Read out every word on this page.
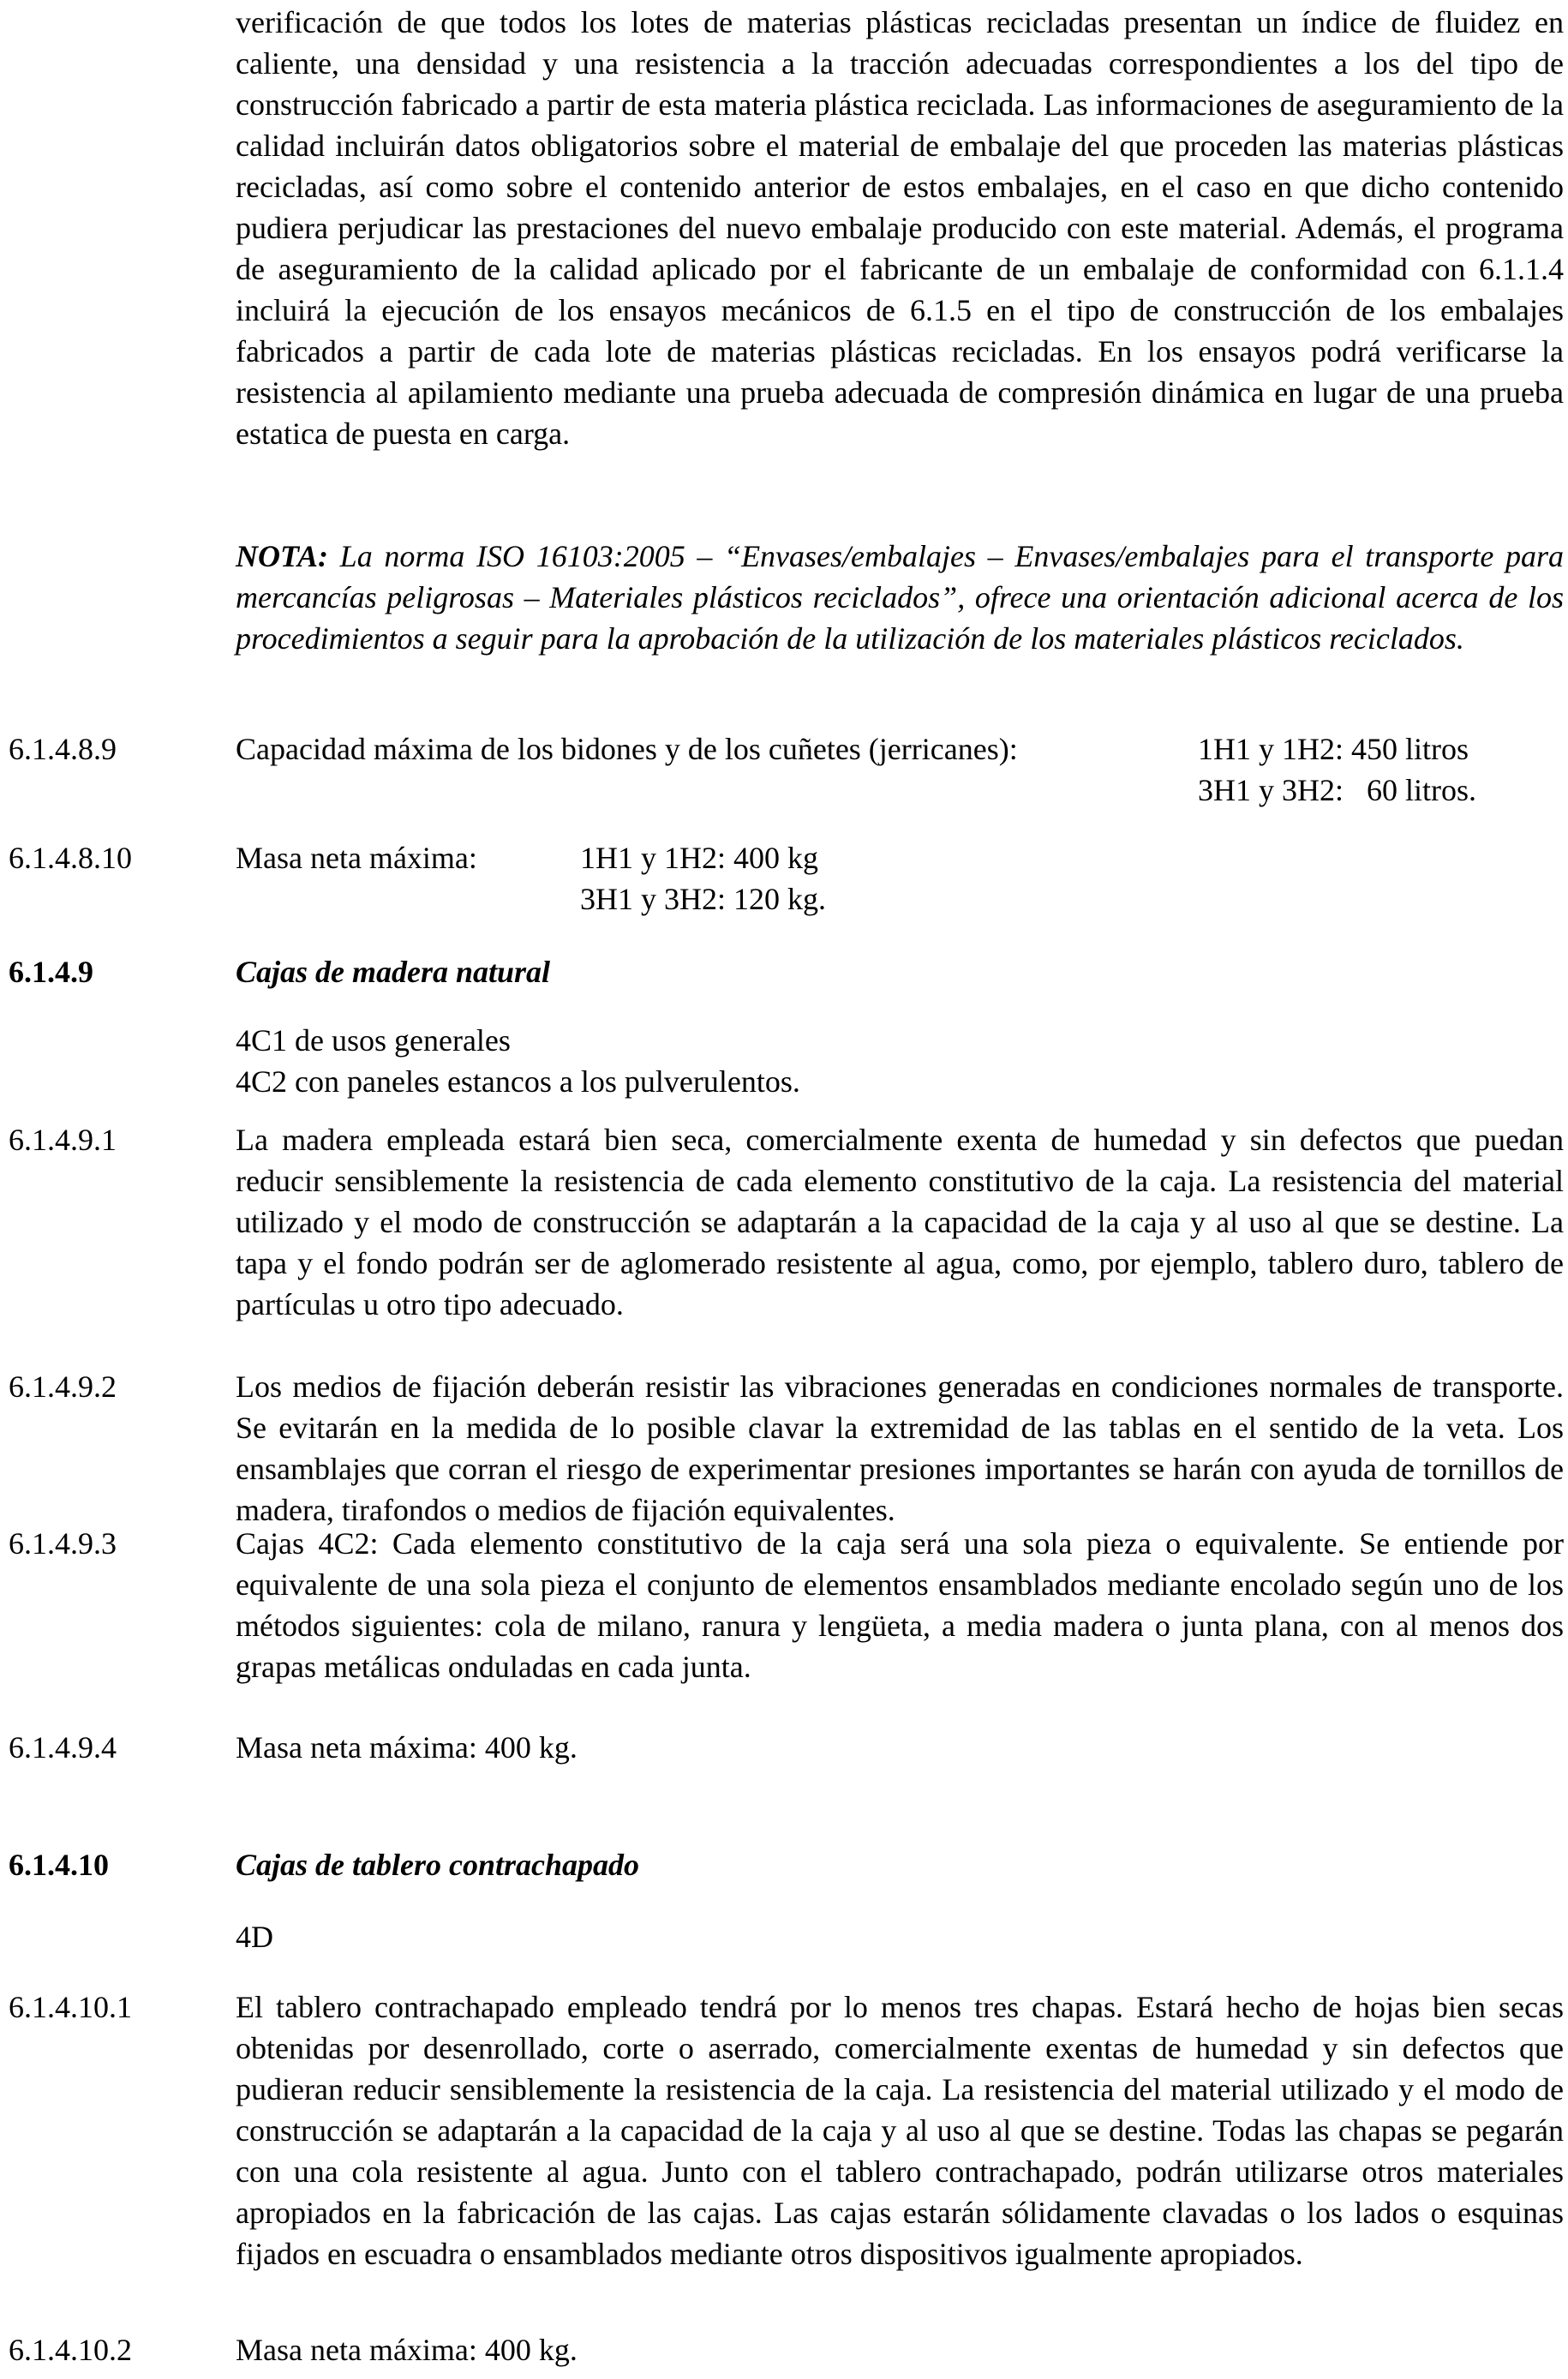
verificación de que todos los lotes de materias plásticas recicladas presentan un índice de fluidez en caliente, una densidad y una resistencia a la tracción adecuadas correspondientes a los del tipo de construcción fabricado a partir de esta materia plástica reciclada. Las informaciones de aseguramiento de la calidad incluirán datos obligatorios sobre el material de embalaje del que proceden las materias plásticas recicladas, así como sobre el contenido anterior de estos embalajes, en el caso en que dicho contenido pudiera perjudicar las prestaciones del nuevo embalaje producido con este material. Además, el programa de aseguramiento de la calidad aplicado por el fabricante de un embalaje de conformidad con 6.1.1.4 incluirá la ejecución de los ensayos mecánicos de 6.1.5 en el tipo de construcción de los embalajes fabricados a partir de cada lote de materias plásticas recicladas. En los ensayos podrá verificarse la resistencia al apilamiento mediante una prueba adecuada de compresión dinámica en lugar de una prueba estatica de puesta en carga.
NOTA: La norma ISO 16103:2005 – “Envases/embalajes – Envases/embalajes para el transporte para mercancías peligrosas – Materiales plásticos reciclados”, ofrece una orientación adicional acerca de los procedimientos a seguir para la aprobación de la utilización de los materiales plásticos reciclados.
6.1.4.8.9	Capacidad máxima de los bidones y de los cuñetes (jerricanes):	1H1 y 1H2: 450 litros
3H1 y 3H2:   60 litros.
6.1.4.8.10	Masa neta máxima:	1H1 y 1H2: 400 kg
3H1 y 3H2: 120 kg.
6.1.4.9	Cajas de madera natural
4C1 de usos generales
4C2 con paneles estancos a los pulverulentos.
6.1.4.9.1	La madera empleada estará bien seca, comercialmente exenta de humedad y sin defectos que puedan reducir sensiblemente la resistencia de cada elemento constitutivo de la caja. La resistencia del material utilizado y el modo de construcción se adaptarán a la capacidad de la caja y al uso al que se destine. La tapa y el fondo podrán ser de aglomerado resistente al agua, como, por ejemplo, tablero duro, tablero de partículas u otro tipo adecuado.
6.1.4.9.2	Los medios de fijación deberán resistir las vibraciones generadas en condiciones normales de transporte. Se evitarán en la medida de lo posible clavar la extremidad de las tablas en el sentido de la veta. Los ensamblajes que corran el riesgo de experimentar presiones importantes se harán con ayuda de tornillos de madera, tirafondos o medios de fijación equivalentes.
6.1.4.9.3	Cajas 4C2: Cada elemento constitutivo de la caja será una sola pieza o equivalente. Se entiende por equivalente de una sola pieza el conjunto de elementos ensamblados mediante encolado según uno de los métodos siguientes: cola de milano, ranura y lengüeta, a media madera o junta plana, con al menos dos grapas metálicas onduladas en cada junta.
6.1.4.9.4	Masa neta máxima: 400 kg.
6.1.4.10	Cajas de tablero contrachapado
4D
6.1.4.10.1	El tablero contrachapado empleado tendrá por lo menos tres chapas. Estará hecho de hojas bien secas obtenidas por desenrollado, corte o aserrado, comercialmente exentas de humedad y sin defectos que pudieran reducir sensiblemente la resistencia de la caja. La resistencia del material utilizado y el modo de construcción se adaptarán a la capacidad de la caja y al uso al que se destine. Todas las chapas se pegarán con una cola resistente al agua. Junto con el tablero contrachapado, podrán utilizarse otros materiales apropiados en la fabricación de las cajas. Las cajas estarán sólidamente clavadas o los lados o esquinas fijados en escuadra o ensamblados mediante otros dispositivos igualmente apropiados.
6.1.4.10.2	Masa neta máxima: 400 kg.
